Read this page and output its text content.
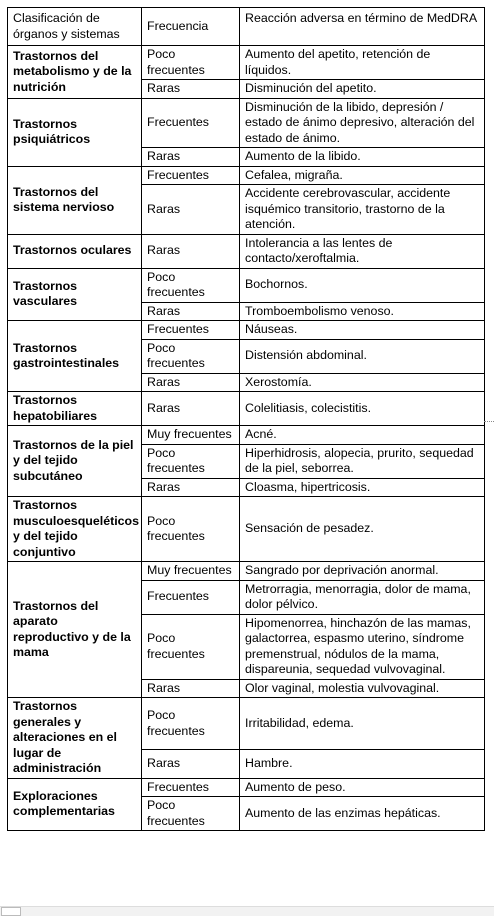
Clasificación de órganos y sistemas	Frecuencia	Reacción adversa en término de MedDRA
Trastornos del metabolismo y de la nutrición	Poco frecuentes	Aumento del apetito, retención de líquidos.
	Raras	Disminución del apetito.
Trastornos psiquiátricos	Frecuentes	Disminución de la libido, depresión / estado de ánimo depresivo, alteración del estado de ánimo.
	Raras	Aumento de la libido.
Trastornos del sistema nervioso	Frecuentes	Cefalea, migraña.
	Raras	Accidente cerebrovascular, accidente isquémico transitorio, trastorno de la atención.
Trastornos oculares	Raras	Intolerancia a las lentes de contacto/xeroftalmia.
Trastornos vasculares	Poco frecuentes	Bochornos.
	Raras	Tromboembolismo venoso.
Trastornos gastrointestinales	Frecuentes	Náuseas.
	Poco frecuentes	Distensión abdominal.
	Raras	Xerostomía.
Trastornos hepatobiliares	Raras	Colelitiasis, colecistitis.
Trastornos de la piel y del tejido subcutáneo	Muy frecuentes	Acné.
	Poco frecuentes	Hiperhidrosis, alopecia, prurito, sequedad de la piel, seborrea.
	Raras	Cloasma, hipertricosis.
Trastornos musculoesqueléticos y del tejido conjuntivo	Poco frecuentes	Sensación de pesadez.
Trastornos del aparato reproductivo y de la mama	Muy frecuentes	Sangrado por deprivación anormal.
	Frecuentes	Metrorragia, menorragia, dolor de mama, dolor pélvico.
	Poco frecuentes	Hipomenorrea, hinchazón de las mamas, galactorrea, espasmo uterino, síndrome premenstrual, nódulos de la mama, dispareunia, sequedad vulvovaginal.
	Raras	Olor vaginal, molestia vulvovaginal.
Trastornos generales y alteraciones en el lugar de administración	Poco frecuentes	Irritabilidad, edema.
	Raras	Hambre.
Exploraciones complementarias	Frecuentes	Aumento de peso.
	Poco frecuentes	Aumento de las enzimas hepáticas.
